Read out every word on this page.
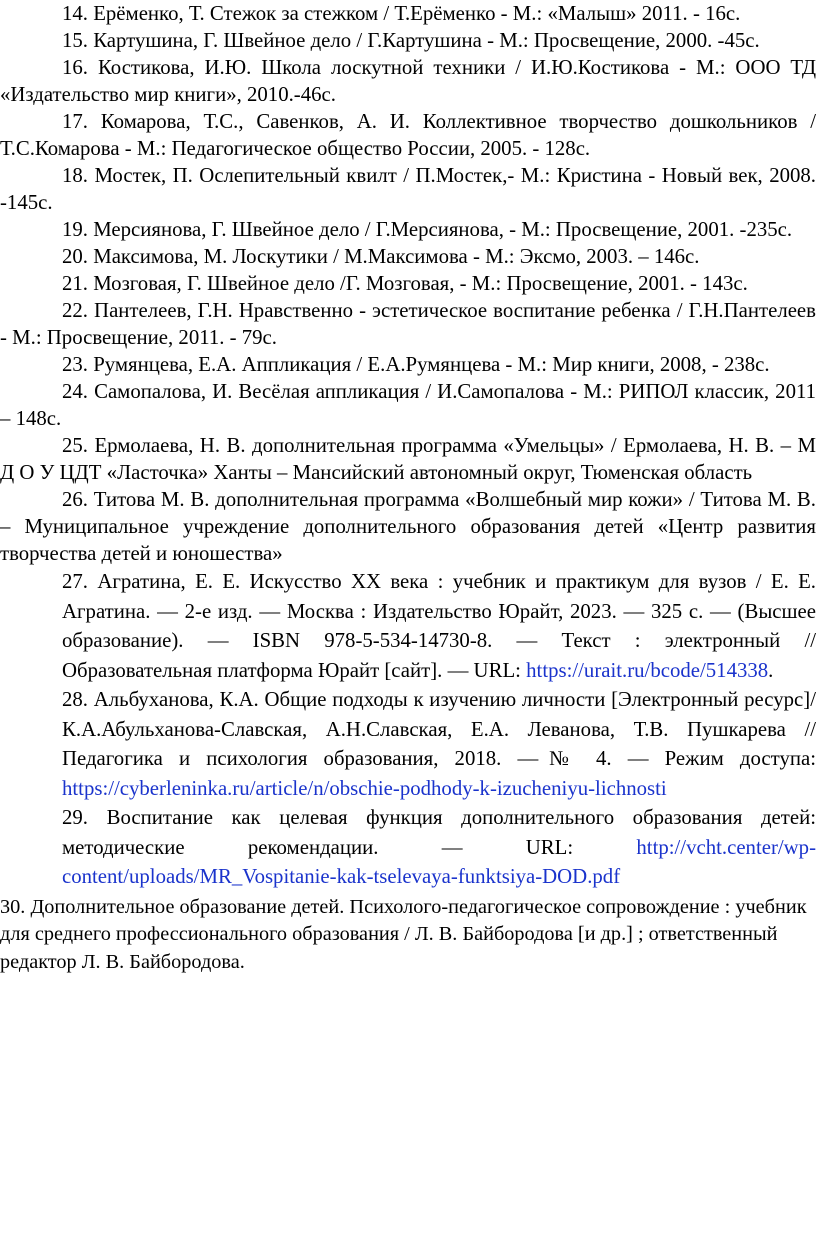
14. Ерёменко, Т. Стежок за стежком / Т.Ерёменко - М.: «Малыш» 2011. - 16с.

15. Картушина, Г. Швейное дело / Г.Картушина - М.: Просвещение, 2000. -45с.

16. Костикова, И.Ю. Школа лоскутной техники / И.Ю.Костикова - М.: ООО ТД «Издательство мир книги», 2010.-46с.

17. Комарова, Т.С., Савенков, А. И. Коллективное творчество дошкольников / Т.С.Комарова - М.: Педагогическое общество России, 2005. - 128с.

18. Мостек, П. Ослепительный квилт / П.Мостек,- М.: Кристина - Новый век, 2008. -145с.

19. Мерсиянова, Г. Швейное дело / Г.Мерсиянова, - М.: Просвещение, 2001. -235с.

20. Максимова, М. Лоскутики / М.Максимова - М.: Эксмо, 2003. – 146с.

21. Мозговая, Г. Швейное дело /Г. Мозговая, - М.: Просвещение, 2001. - 143с.

22. Пантелеев, Г.Н. Нравственно - эстетическое воспитание ребенка / Г.Н.Пантелеев - М.: Просвещение, 2011. - 79с.

23. Румянцева, Е.А. Аппликация / Е.А.Румянцева - М.: Мир книги, 2008, - 238с.

24. Самопалова, И. Весёлая аппликация / И.Самопалова - М.: РИПОЛ классик, 2011 – 148с.

25. Ермолаева, Н. В. дополнительная программа «Умельцы» / Ермолаева, Н. В. – М Д О У ЦДТ «Ласточка» Ханты – Мансийский автономный округ, Тюменская область

26. Титова М. В. дополнительная программа «Волшебный мир кожи» / Титова М. В. – Муниципальное учреждение дополнительного образования детей «Центр развития творчества детей и юношества»

27. Агратина, Е. Е. Искусство XX века : учебник и практикум для вузов / Е. Е. Агратина. — 2-е изд. — Москва : Издательство Юрайт, 2023. — 325 с. — (Высшее образование). — ISBN 978-5-534-14730-8. — Текст : электронный // Образовательная платформа Юрайт [сайт]. — URL: https://urait.ru/bcode/514338.

28. Альбуханова, К.А. Общие подходы к изучению личности [Электронный ресурс]/ К.А.Абульханова-Славская, А.Н.Славская, Е.А. Леванова, Т.В. Пушкарева // Педагогика и психология образования, 2018. —№ 4. — Режим доступа: https://cyberleninka.ru/article/n/obschie-podhody-k-izucheniyu-lichnosti

29. Воспитание как целевая функция дополнительного образования детей: методические рекомендации. — URL: http://vcht.center/wp-content/uploads/MR_Vospitanie-kak-tselevaya-funktsiya-DOD.pdf

30. Дополнительное образование детей. Психолого-педагогическое сопровождение : учебник для среднего профессионального образования / Л. В. Байбородова [и др.] ; ответственный редактор Л. В. Байбородова.
